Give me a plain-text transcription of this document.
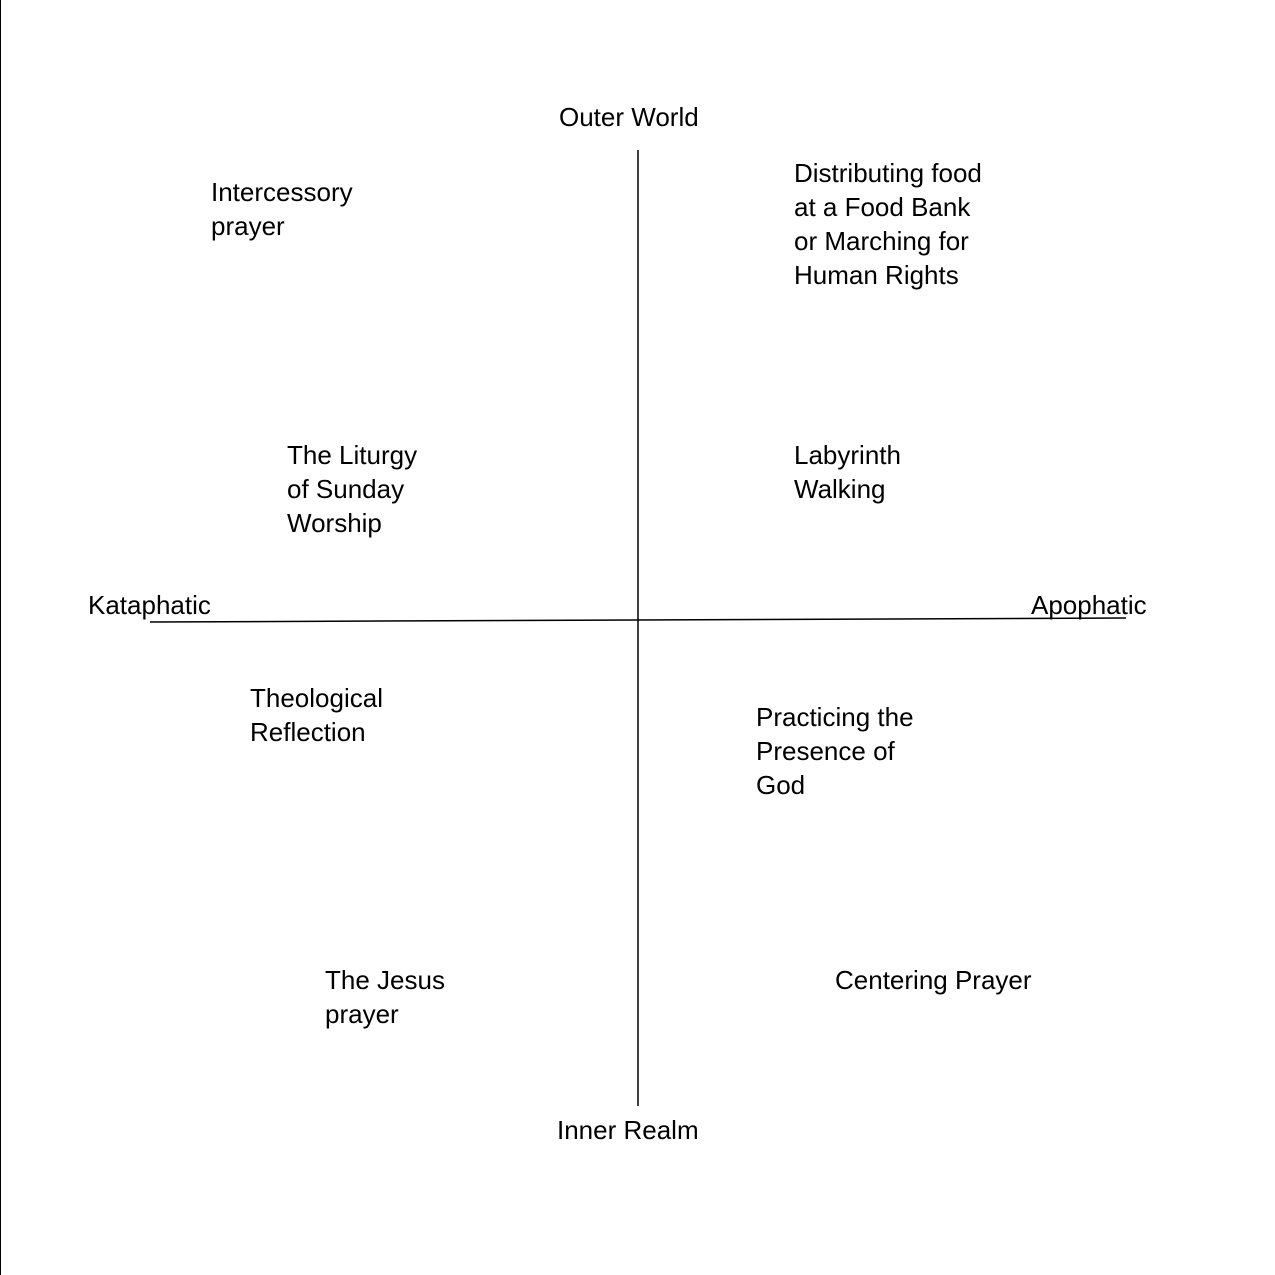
Outer World
Inner Realm
Kataphatic	Apophatic
Intercessory
prayer
Distributing food
at a Food Bank
or Marching for
Human Rights
The Liturgy
of Sunday
Worship
Labyrinth
Walking
Theological
Reflection	Practicing the
Presence of
God
The Jesus
prayer
Centering Prayer
